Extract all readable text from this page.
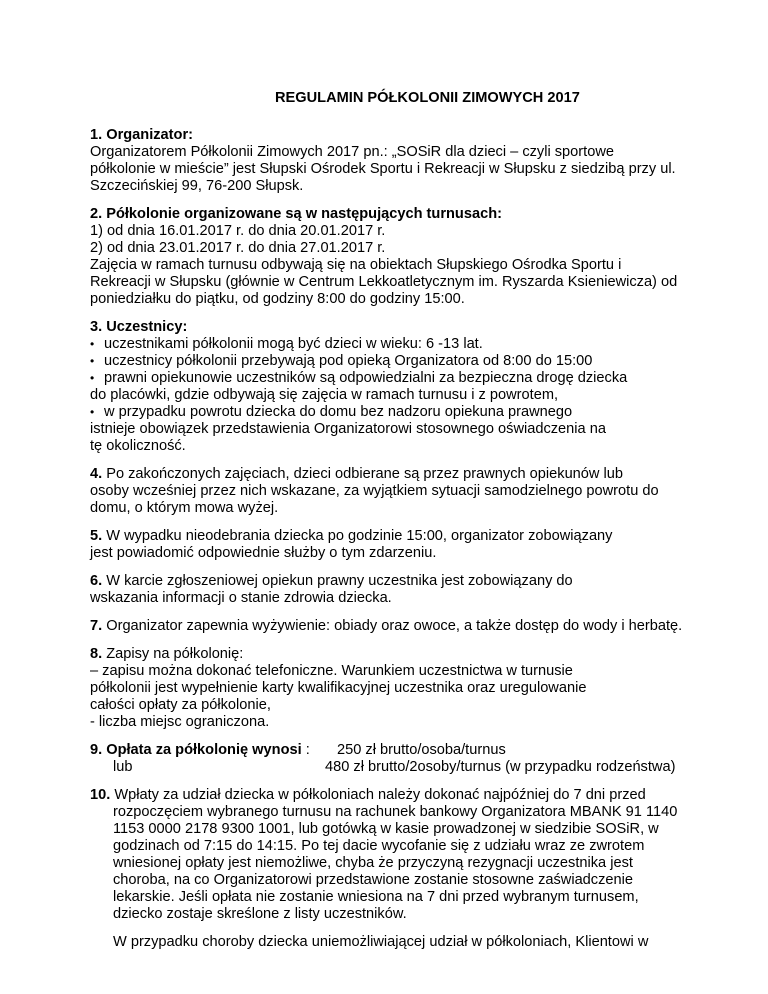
REGULAMIN PÓŁKOLONII ZIMOWYCH 2017
1. Organizator:
Organizatorem Półkolonii Zimowych 2017 pn.: „SOSiR dla dzieci – czyli sportowe
półkolonie w mieście” jest Słupski Ośrodek Sportu i Rekreacji w Słupsku z siedzibą przy ul.
Szczecińskiej 99, 76-200 Słupsk.
2. Półkolonie organizowane są w następujących turnusach:
1) od dnia 16.01.2017 r. do dnia 20.01.2017 r.
2) od dnia 23.01.2017 r. do dnia 27.01.2017 r.
Zajęcia w ramach turnusu odbywają się na obiektach Słupskiego Ośrodka Sportu i
Rekreacji w Słupsku (głównie w Centrum Lekkoatletycznym im. Ryszarda Ksieniewicza) od
poniedziałku do piątku, od godziny 8:00 do godziny 15:00.
3. Uczestnicy:
• uczestnikami półkolonii mogą być dzieci w wieku: 6 -13 lat.
• uczestnicy półkolonii przebywają pod opieką Organizatora od 8:00 do 15:00
• prawni opiekunowie uczestników są odpowiedzialni za bezpieczna drogę dziecka
do placówki, gdzie odbywają się zajęcia w ramach turnusu i z powrotem,
• w przypadku powrotu dziecka do domu bez nadzoru opiekuna prawnego
istnieje obowiązek przedstawienia Organizatorowi stosownego oświadczenia na
tę okoliczność.
4. Po zakończonych zajęciach, dzieci odbierane są przez prawnych opiekunów lub
osoby wcześniej przez nich wskazane, za wyjątkiem sytuacji samodzielnego powrotu do
domu, o którym mowa wyżej.
5. W wypadku nieodebrania dziecka po godzinie 15:00, organizator zobowiązany
jest powiadomić odpowiednie służby o tym zdarzeniu.
6. W karcie zgłoszeniowej opiekun prawny uczestnika jest zobowiązany do
wskazania informacji o stanie zdrowia dziecka.
7. Organizator zapewnia wyżywienie: obiady oraz owoce, a także dostęp do wody i herbatę.
8. Zapisy na półkolonię:
– zapisu można dokonać telefoniczne. Warunkiem uczestnictwa w turnusie
półkolonii jest wypełnienie karty kwalifikacyjnej uczestnika oraz uregulowanie
całości opłaty za półkolonie,
- liczba miejsc ograniczona.
9. Opłata za półkolonię wynosi : 250 zł brutto/osoba/turnus
lub	480 zł brutto/2osoby/turnus (w przypadku rodzeństwa)
10. Wpłaty za udział dziecka w półkoloniach należy dokonać najpóźniej do 7 dni przed
rozpoczęciem wybranego turnusu na rachunek bankowy Organizatora MBANK 91 1140
1153 0000 2178 9300 1001, lub gotówką w kasie prowadzonej w siedzibie SOSiR, w
godzinach od 7:15 do 14:15. Po tej dacie wycofanie się z udziału wraz ze zwrotem
wniesionej opłaty jest niemożliwe, chyba że przyczyną rezygnacji uczestnika jest
choroba, na co Organizatorowi przedstawione zostanie stosowne zaświadczenie
lekarskie. Jeśli opłata nie zostanie wniesiona na 7 dni przed wybranym turnusem,
dziecko zostaje skreślone z listy uczestników.
W przypadku choroby dziecka uniemożliwiającej udział w półkoloniach, Klientowi w
